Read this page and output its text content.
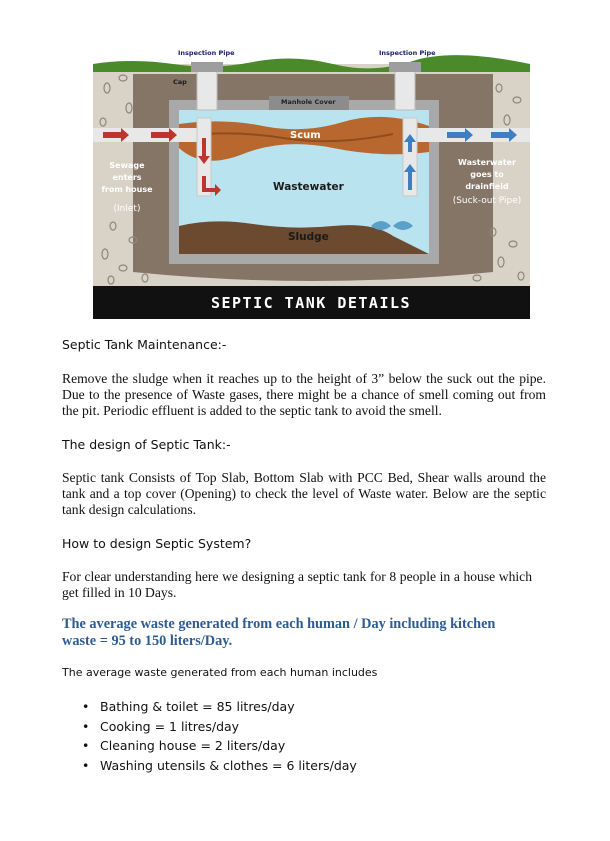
Inspection Pipe	Inspection Pipe
Cap
Manhole Cover
Scum
Wastewater
Sludge
Sewage
enters
from house
(Inlet)
Wasterwater
goes to
drainfield
(Suck-out Pipe)
SEPTIC TANK DETAILS

Septic Tank Maintenance:-

Remove the sludge when it reaches up to the height of 3” below the suck out the pipe. Due to the presence of Waste gases, there might be a chance of smell coming out from the pit. Periodic effluent is added to the septic tank to avoid the smell.

The design of Septic Tank:-

Septic tank Consists of Top Slab, Bottom Slab with PCC Bed, Shear walls around the tank and a top cover (Opening) to check the level of Waste water. Below are the septic tank design calculations.

How to design Septic System?

For clear understanding here we designing a septic tank for 8 people in a house which get filled in 10 Days.

The average waste generated from each human / Day including kitchen waste = 95 to 150 liters/Day.

The average waste generated from each human includes

• Bathing & toilet = 85 litres/day
• Cooking = 1 litres/day
• Cleaning house = 2 liters/day
• Washing utensils & clothes = 6 liters/day
